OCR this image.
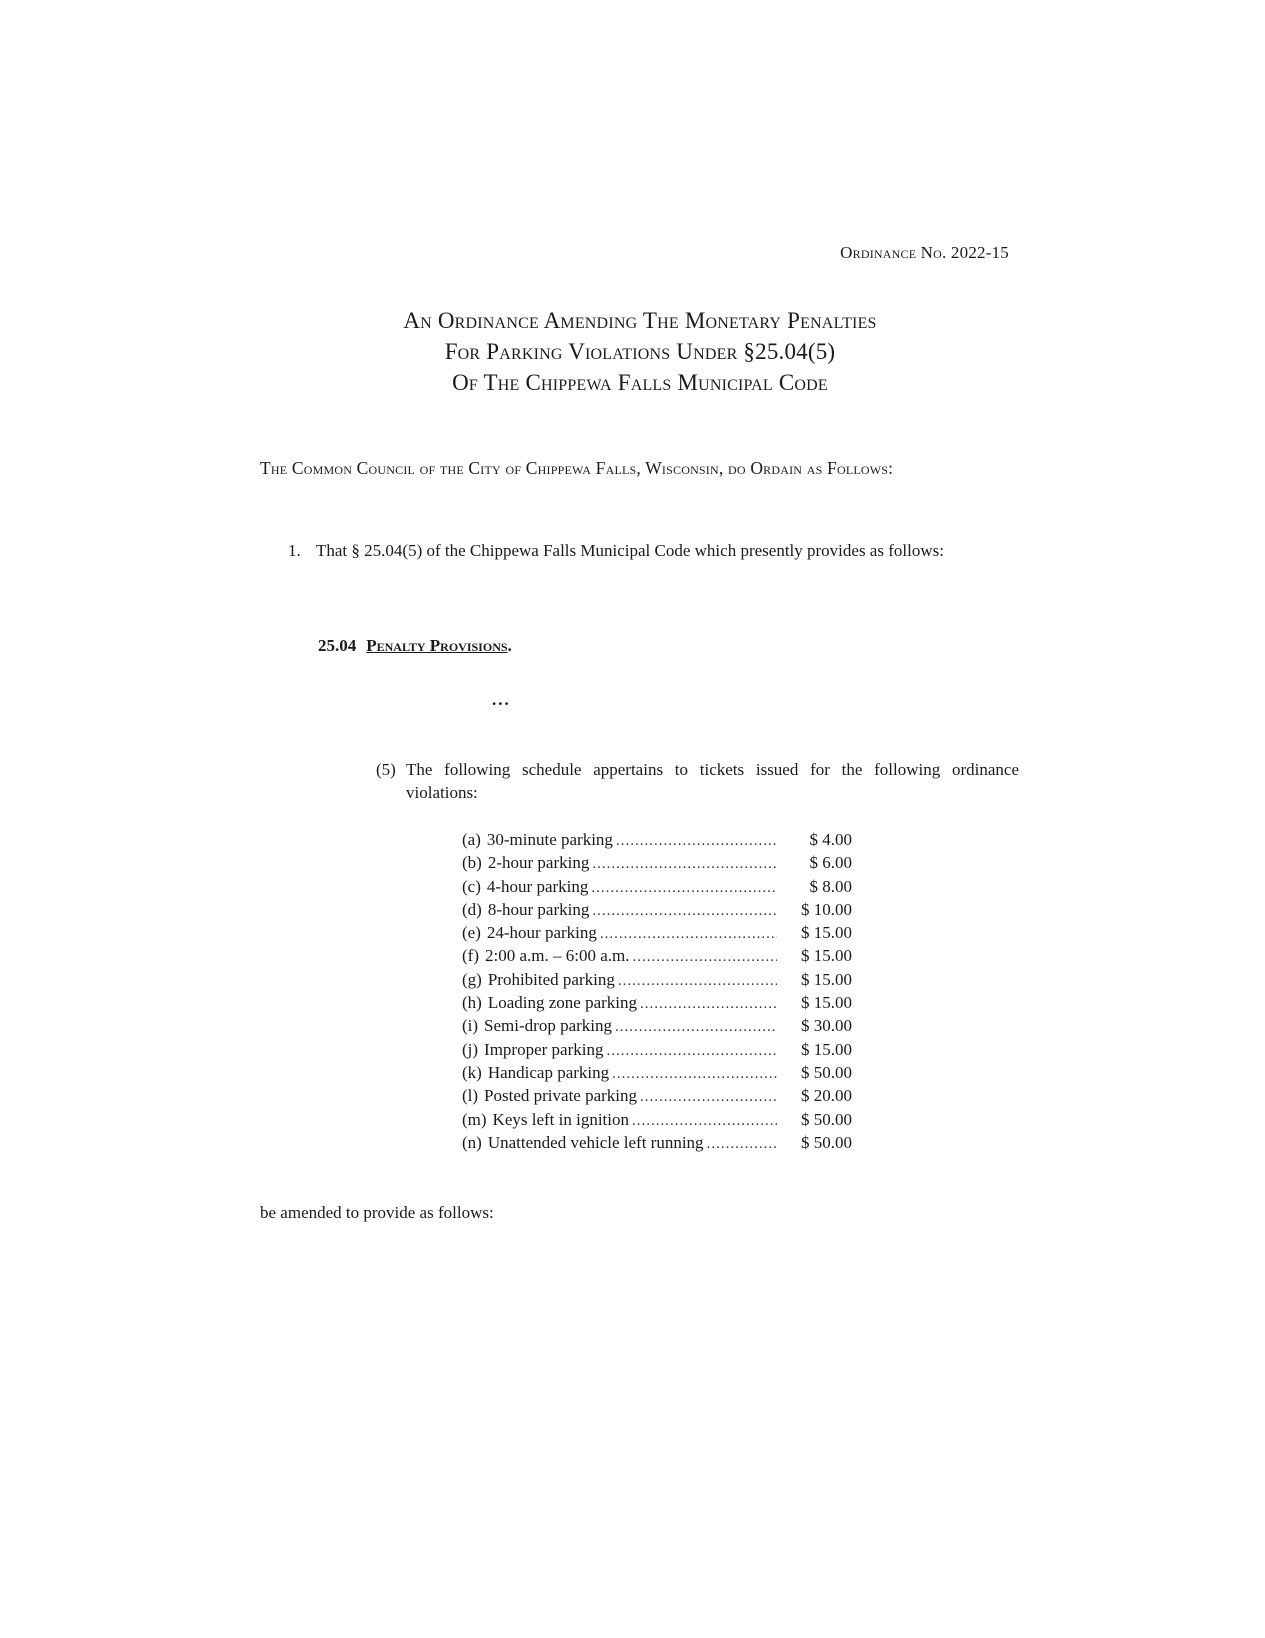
Ordinance No. 2022-15
An Ordinance Amending The Monetary Penalties
For Parking Violations Under §25.04(5)
Of The Chippewa Falls Municipal Code
The Common Council of the City of Chippewa Falls, Wisconsin, do Ordain as Follows:
1. That § 25.04(5) of the Chippewa Falls Municipal Code which presently provides as follows:
25.04 Penalty Provisions.
...
(5) The following schedule appertains to tickets issued for the following ordinance violations:
(a) 30-minute parking .....	$ 4.00
(b) 2-hour parking .....	$ 6.00
(c) 4-hour parking .....	$ 8.00
(d) 8-hour parking .....	$ 10.00
(e) 24-hour parking .....	$ 15.00
(f) 2:00 a.m. – 6:00 a.m. .....	$ 15.00
(g) Prohibited parking .....	$ 15.00
(h) Loading zone parking .....	$ 15.00
(i) Semi-drop parking .....	$ 30.00
(j) Improper parking .....	$ 15.00
(k) Handicap parking .....	$ 50.00
(l) Posted private parking .....	$ 20.00
(m) Keys left in ignition .....	$ 50.00
(n) Unattended vehicle left running .....	$ 50.00
be amended to provide as follows:
